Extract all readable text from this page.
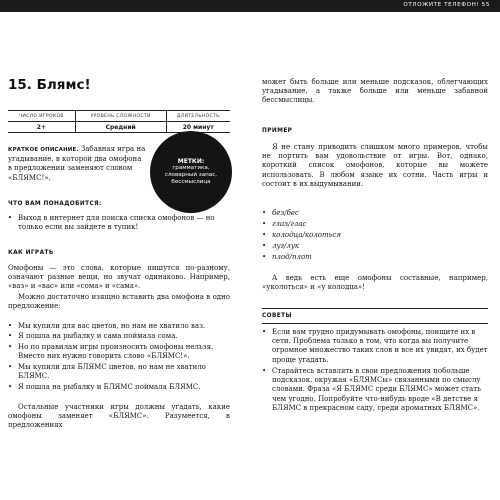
ОТЛОЖИТЕ ТЕЛЕФОН! 55
15. Блямс!
ЧИСЛО ИГРОКОВ	УРОВЕНЬ СЛОЖНОСТИ	ДЛИТЕЛЬНОСТЬ
2+	Средний	20 минут
КРАТКОЕ ОПИСАНИЕ. Забавная игра на угадывание, в которой два омофона в предложении заменяют словом «БЛЯМС!».
МЕТКИ:
грамматика, словарный запас, бессмыслица
ЧТО ВАМ ПОНАДОБИТСЯ:
• Выход в интернет для поиска списка омофонов — но только если вы зайдете в тупик!
КАК ИГРАТЬ
Омофоны — это слова, которые пишутся по-разному, означают разные вещи, но звучат одинаково. Например, «ваз» и «вас» или «сома» и «сама».
Можно достаточно изящно вставить два омофона в одно предложение:
• Мы купили для вас цветов, но нам не хватило ваз.
• Я пошла на рыбалку и сама поймала сома.
• Но по правилам игры произносить омофоны нельзя. Вместо них нужно говорить слово «БЛЯМС!».
• Мы купили для БЛЯМС цветов, но нам не хватило БЛЯМС.
• Я пошла на рыбалку и БЛЯМС поймала БЛЯМС.
Остальные участники игры должны угадать, какие омофоны заменяет «БЛЯМС». Разумеется, в предложениях
может быть больше или меньше подсказок, облегчающих угадывание, а также больше или меньше забавной бессмыслицы.
ПРИМЕР
Я не стану приводить слишком много примеров, чтобы не портить вам удовольствие от игры. Вот, однако, короткий список омофонов, которые вы можете использовать. В любом языке их сотни. Часть игры и состоит в их выдумывании.
• без/бес
• глаз/глас
• колодца/колоться
• луг/лук
• плод/плот
А ведь есть еще омофоны составные, например, «уколоться» и «у колодца»!
СОВЕТЫ
• Если вам трудно придумывать омофоны, поищите их в сети. Проблема только в том, что когда вы получите огромное множество таких слов и все их увидят, их будет проще угадать.
• Старайтесь вставлять в свои предложения побольше подсказок, окружая «БЛЯМСы» связанными по смыслу словами. Фраза «Я БЛЯМС среди БЛЯМС» может стать чем угодно. Попробуйте что-нибудь вроде «В детстве я БЛЯМС в прекрасном саду, среди ароматных БЛЯМС».
